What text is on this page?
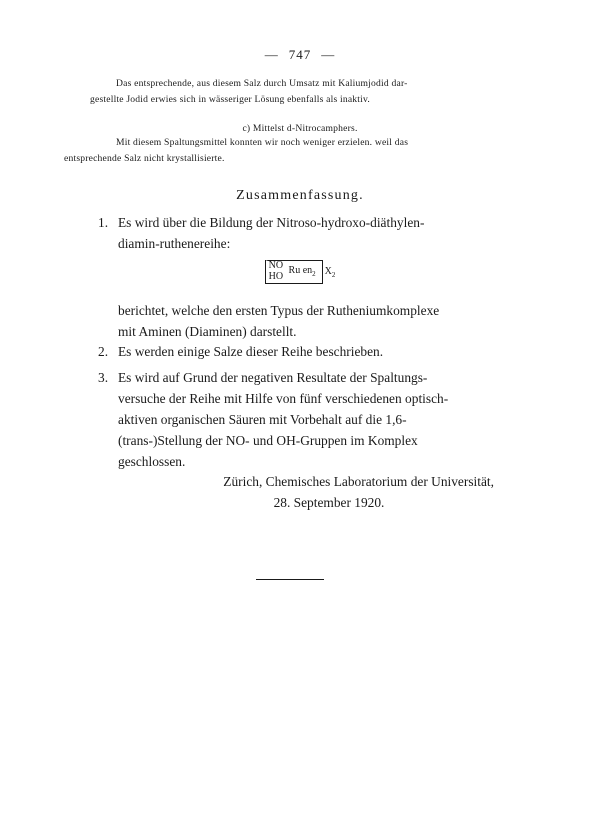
— 747 —

Das entsprechende, aus diesem Salz durch Umsatz mit Kaliumjodid dar-

gestellte Jodid erwies sich in wässeriger Lösung ebenfalls als inaktiv.

c) Mittelst d-Nitrocamphers.

Mit diesem Spaltungsmittel konnten wir noch weniger erzielen. weil das

entsprechende Salz nicht krystallisierte.

Zusammenfassung.
1. Es wird über die Bildung der Nitroso-hydroxo-diäthylen-

diamin-ruthenereihe:

NO
HO Ru $en_2$ $X_2$

berichtet, welche den ersten Typus der Rutheniumkomplexe

mit Aminen (Diaminen) darstellt.

2. Es werden einige Salze dieser Reihe beschrieben.

3. Es wird auf Grund der negativen Resultate der Spaltungs-

versuche der Reihe mit Hilfe von fünf verschiedenen optisch-

aktiven organischen Säuren mit Vorbehalt auf die 1,6-

(trans-)Stellung der NO- und OH-Gruppen im Komplex

geschlossen.

Zürich, Chemisches Laboratorium der Universität,
28. September 1920.
